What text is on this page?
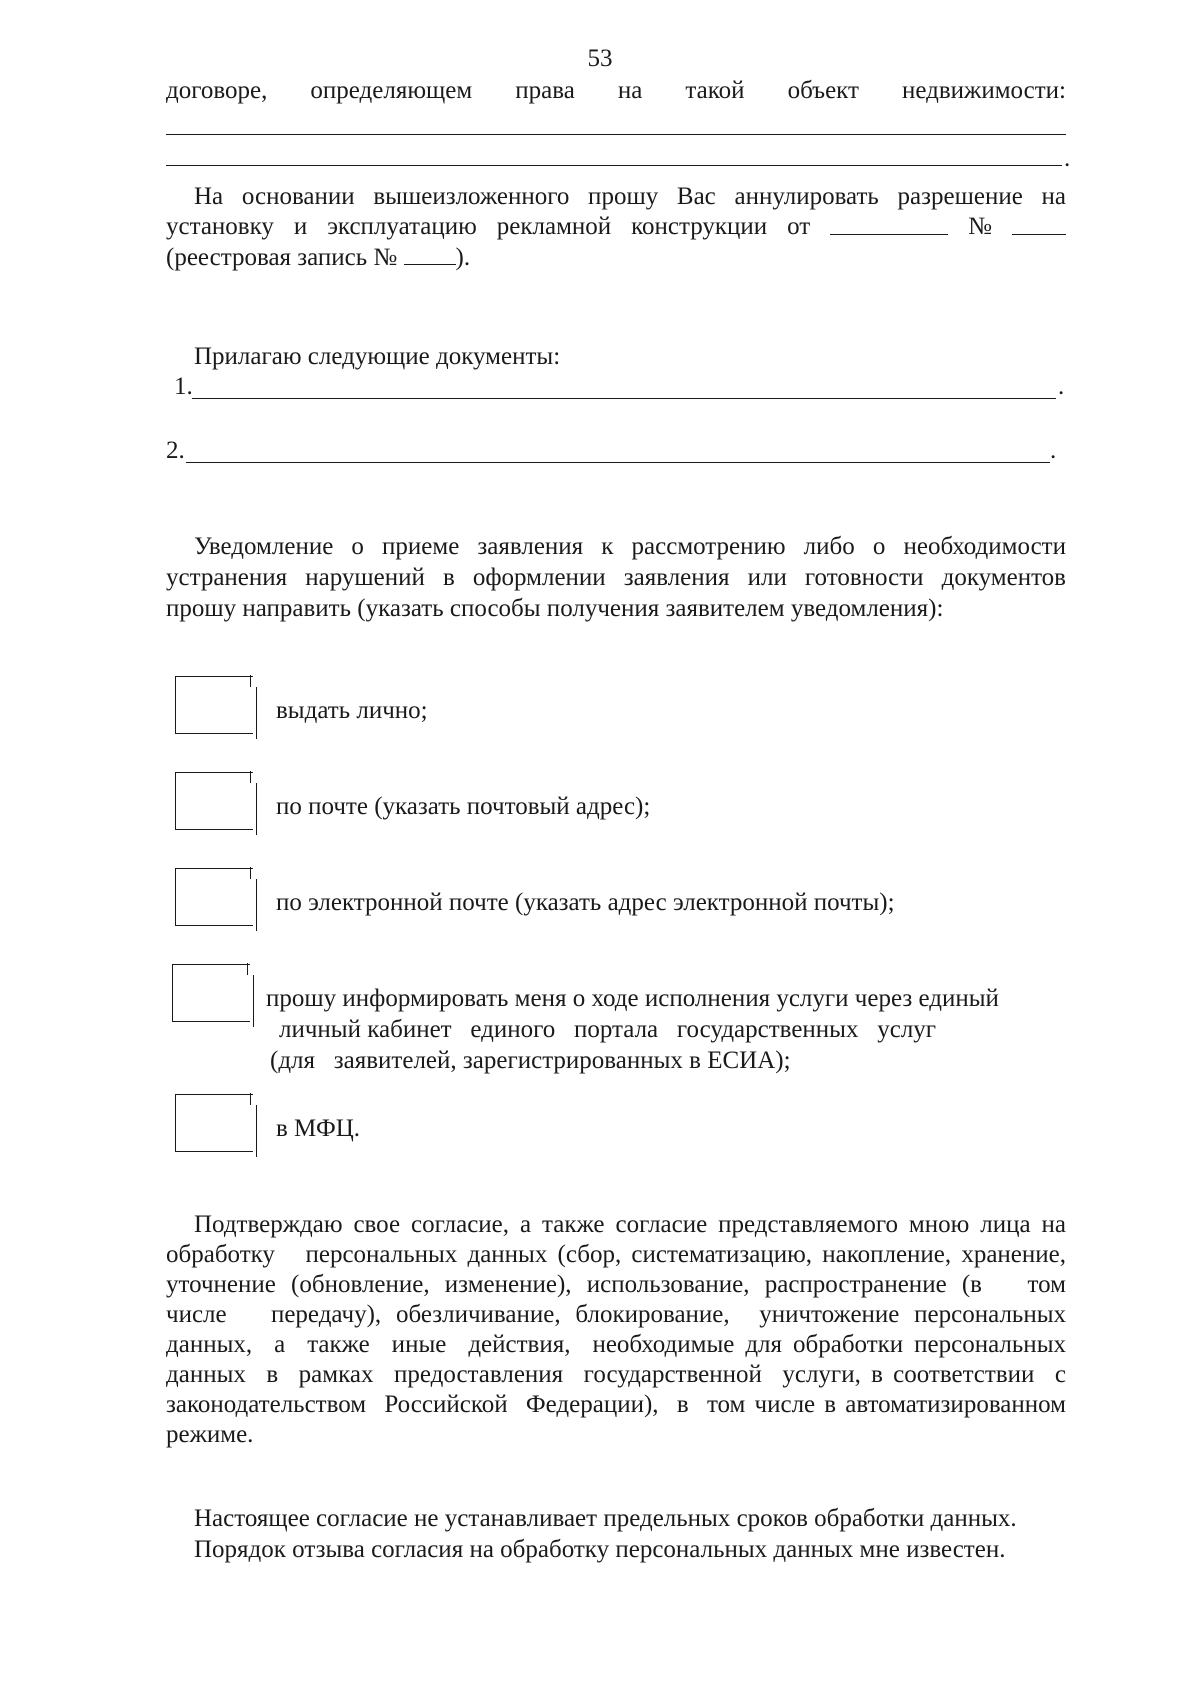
53
договоре, определяющем права на такой объект недвижимости:
.
На основании вышеизложенного прошу Вас аннулировать разрешение на
установку и эксплуатацию рекламной конструкции от	№
(реестровая запись № ).
Прилагаю следующие документы:
1.	.
2.	.
Уведомление о приеме заявления к рассмотрению либо о необходимости
устранения нарушений в оформлении заявления или готовности документов
прошу направить (указать способы получения заявителем уведомления):
выдать лично;
по почте (указать почтовый адрес);
по электронной почте (указать адрес электронной почты);
прошу информировать меня о ходе исполнения услуги через единый
личный кабинет   единого   портала   государственных   услуг
(для   заявителей, зарегистрированных в ЕСИА);
в МФЦ.
Подтверждаю свое согласие, а также согласие представляемого мною лица на
обработку   персональных данных (сбор, систематизацию, накопление, хранение,
уточнение (обновление, изменение), использование, распространение (в   том
числе   передачу), обезличивание, блокирование,  уничтожение персональных
данных,  а  также  иные  действия,  необходимые для обработки персональных
данных  в  рамках  предоставления  государственной  услуги, в соответствии  с
законодательством  Российской  Федерации),  в  том числе в автоматизированном
режиме.
Настоящее согласие не устанавливает предельных сроков обработки данных.
Порядок отзыва согласия на обработку персональных данных мне известен.
